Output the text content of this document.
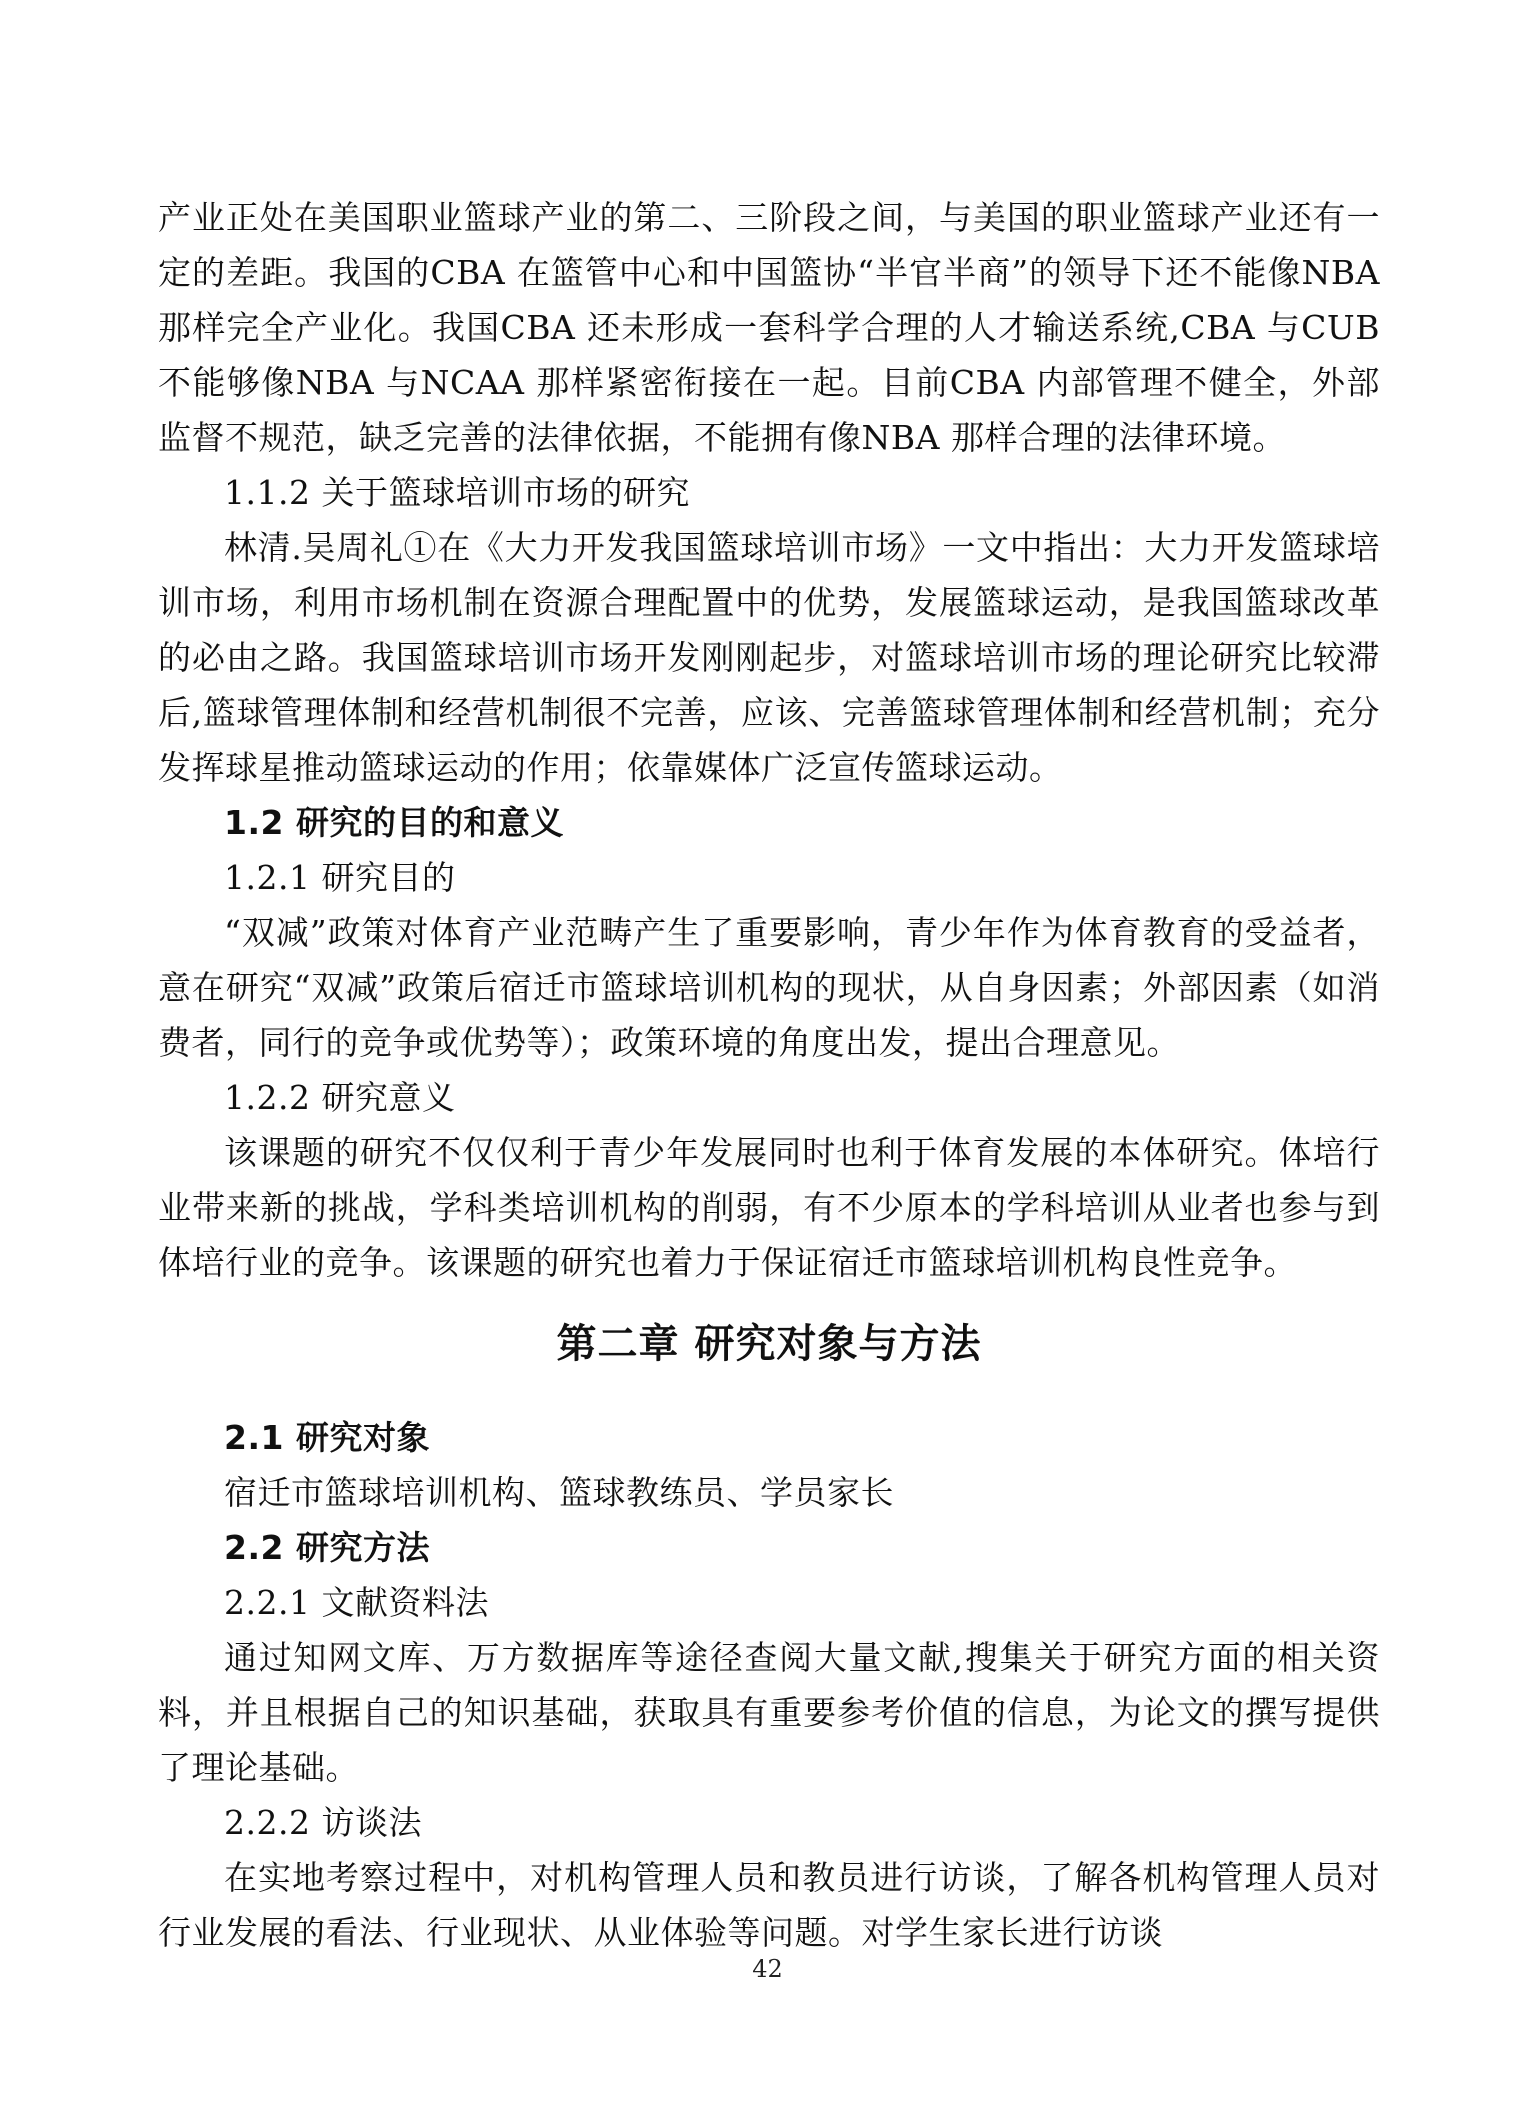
产业正处在美国职业篮球产业的第二、三阶段之间，与美国的职业篮球产业还有一定的差距。我国的CBA 在篮管中心和中国篮协“半官半商”的领导下还不能像NBA 那样完全产业化。我国CBA 还未形成一套科学合理的人才输送系统,CBA 与CUB不能够像NBA 与NCAA 那样紧密衔接在一起。目前CBA 内部管理不健全，外部监督不规范，缺乏完善的法律依据，不能拥有像NBA 那样合理的法律环境。

1.1.2 关于篮球培训市场的研究

林清.吴周礼①在《大力开发我国篮球培训市场》一文中指出：大力开发篮球培训市场，利用市场机制在资源合理配置中的优势，发展篮球运动，是我国篮球改革的必由之路。我国篮球培训市场开发刚刚起步，对篮球培训市场的理论研究比较滞后,篮球管理体制和经营机制很不完善，应该、完善篮球管理体制和经营机制；充分发挥球星推动篮球运动的作用；依靠媒体广泛宣传篮球运动。

1.2 研究的目的和意义

1.2.1 研究目的

“双减”政策对体育产业范畴产生了重要影响，青少年作为体育教育的受益者，意在研究“双减”政策后宿迁市篮球培训机构的现状，从自身因素；外部因素（如消费者，同行的竞争或优势等）；政策环境的角度出发，提出合理意见。

1.2.2 研究意义

该课题的研究不仅仅利于青少年发展同时也利于体育发展的本体研究。体培行业带来新的挑战，学科类培训机构的削弱，有不少原本的学科培训从业者也参与到体培行业的竞争。该课题的研究也着力于保证宿迁市篮球培训机构良性竞争。

第二章 研究对象与方法

2.1 研究对象

宿迁市篮球培训机构、篮球教练员、学员家长

2.2 研究方法

2.2.1 文献资料法

通过知网文库、万方数据库等途径查阅大量文献,搜集关于研究方面的相关资料，并且根据自己的知识基础，获取具有重要参考价值的信息，为论文的撰写提供了理论基础。

2.2.2 访谈法

在实地考察过程中，对机构管理人员和教员进行访谈，了解各机构管理人员对行业发展的看法、行业现状、从业体验等问题。对学生家长进行访谈

42
